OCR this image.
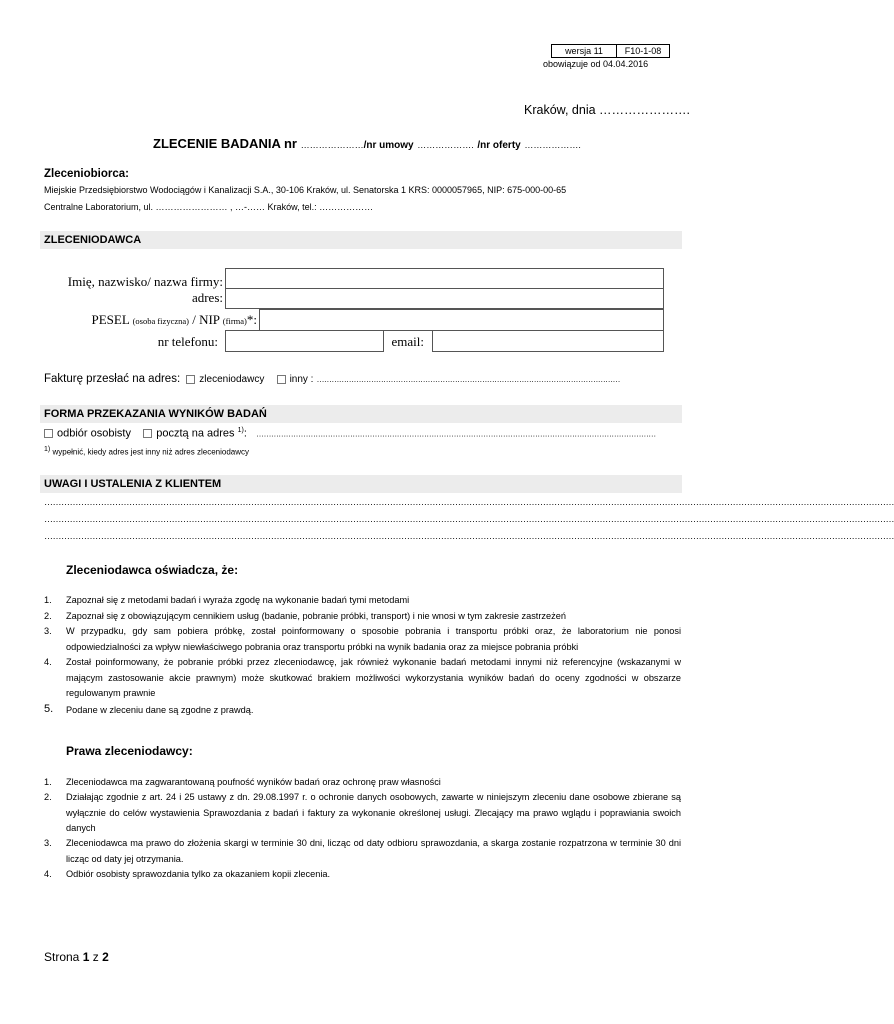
wersja 11	F10-1-08
obowiązuje od 04.04.2016
Kraków, dnia ………………….
ZLECENIE BADANIA nr …………………/nr umowy ………………. /nr oferty ……………….
Zleceniobiorca:
Miejskie Przedsiębiorstwo Wodociągów i Kanalizacji S.A., 30-106 Kraków, ul. Senatorska 1 KRS: 0000057965, NIP: 675-000-00-65
Centralne Laboratorium, ul. …………………… , …-…… Kraków, tel.: ………………
ZLECENIODAWCA
Imię, nazwisko/ nazwa firmy:
adres:
PESEL (osoba fizyczna) / NIP (firma)*:
nr telefonu:	email:
Fakturę przesłać na adres: zleceniodawcy	inny : ……………………………………………………………………………………………………………
FORMA PRZEKAZANIA WYNIKÓW BADAŃ
odbiór osobisty pocztą na adres $^{1)}$: ………………………………………………………………………………………………………………………………………………
$^{1)}$ wypełnić, kiedy adres jest inny niż adres zleceniodawcy
UWAGI I USTALENIA Z KLIENTEM
…………………………………………………………………………………………………………………………………………………………………………………………………………………………………………………………………………
…………………………………………………………………………………………………………………………………………………………………………………………………………………………………………………………………………
…………………………………………………………………………………………………………………………………………………………………………………………………………………………………………………………………………
Zleceniodawca oświadcza, że:
1. Zapoznał się z metodami badań i wyraża zgodę na wykonanie badań tymi metodami
2. Zapoznał się z obowiązującym cennikiem usług (badanie, pobranie próbki, transport) i nie wnosi w tym zakresie zastrzeżeń
3. W przypadku, gdy sam pobiera próbkę, został poinformowany o sposobie pobrania i transportu próbki oraz, że laboratorium nie ponosi odpowiedzialności za wpływ niewłaściwego pobrania oraz transportu próbki na wynik badania oraz za miejsce pobrania próbki
4. Został poinformowany, że pobranie próbki przez zleceniodawcę, jak również wykonanie badań metodami innymi niż referencyjne (wskazanymi w mającym zastosowanie akcie prawnym) może skutkować brakiem możliwości wykorzystania wyników badań do oceny zgodności w obszarze regulowanym prawnie
5. Podane w zleceniu dane są zgodne z prawdą.
Prawa zleceniodawcy:
1. Zleceniodawca ma zagwarantowaną poufność wyników badań oraz ochronę praw własności
2. Działając zgodnie z art. 24 i 25 ustawy z dn. 29.08.1997 r. o ochronie danych osobowych, zawarte w niniejszym zleceniu dane osobowe zbierane są wyłącznie do celów wystawienia Sprawozdania z badań i faktury za wykonanie określonej usługi. Zlecający ma prawo wglądu i poprawiania swoich danych
3. Zleceniodawca ma prawo do złożenia skargi w terminie 30 dni, licząc od daty odbioru sprawozdania, a skarga zostanie rozpatrzona w terminie 30 dni licząc od daty jej otrzymania.
4. Odbiór osobisty sprawozdania tylko za okazaniem kopii zlecenia.
Strona 1 z 2
